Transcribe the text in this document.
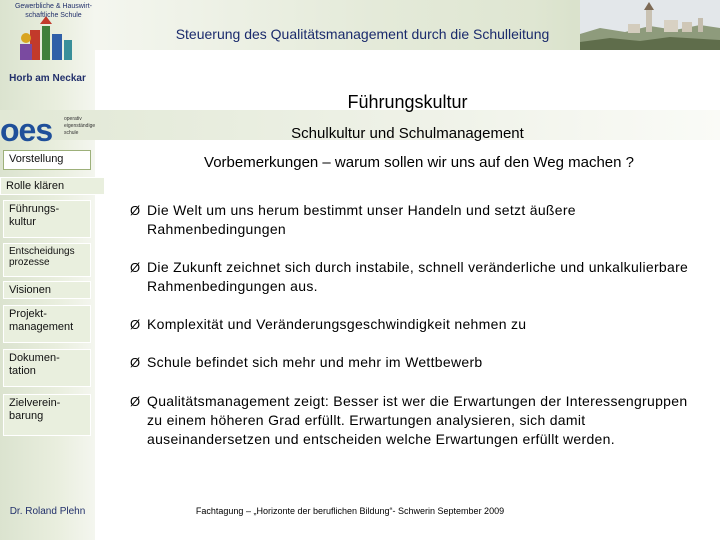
Steuerung des Qualitätsmanagement durch die Schulleitung
Gewerbliche & Hauswirt-
schaftliche Schule
Horb am Neckar
oes operativ
eigenständige
schule
Vorstellung
Rolle klären
Führungs-kultur
Entscheidungs prozesse
Visionen
Projekt-management
Dokumen-tation
Zielverein-barung
Führungskultur
Schulkultur und Schulmanagement
Vorbemerkungen – warum sollen wir uns auf den Weg machen ?
Ø Die Welt um uns herum bestimmt unser Handeln und setzt äußere Rahmenbedingungen
Ø Die Zukunft zeichnet sich durch instabile, schnell veränderliche und unkalkulierbare Rahmenbedingungen aus.
Ø Komplexität und Veränderungsgeschwindigkeit nehmen zu
Ø Schule befindet sich mehr und mehr im Wettbewerb
Ø Qualitätsmanagement zeigt: Besser ist wer die Erwartungen der Interessengruppen zu einem höheren Grad erfüllt. Erwartungen analysieren, sich damit auseinandersetzen und entscheiden welche Erwartungen erfüllt werden.
Dr. Roland Plehn	Fachtagung – „Horizonte der beruflichen Bildung“- Schwerin September 2009
